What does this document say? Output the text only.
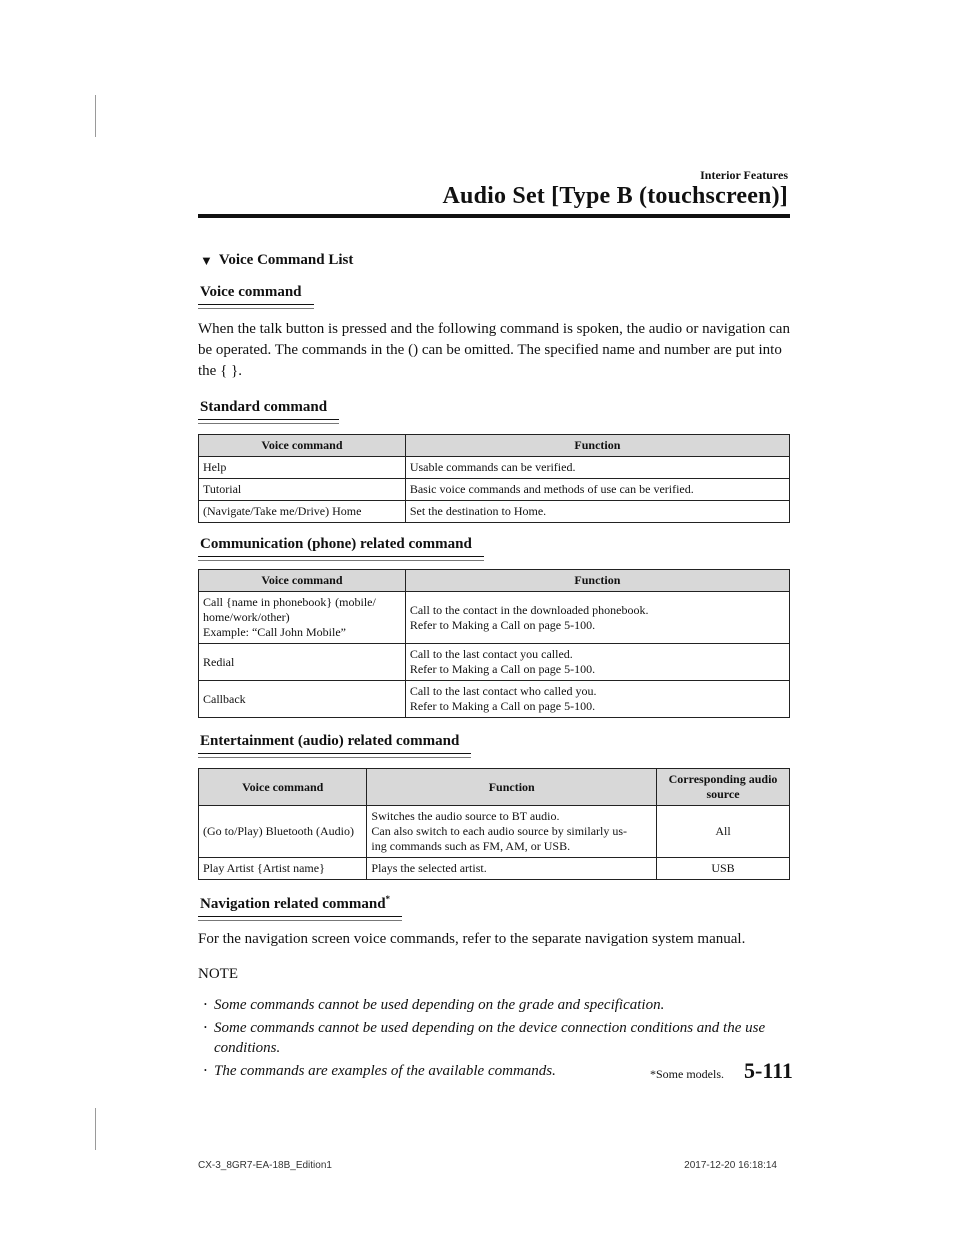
Interior Features
Audio Set [Type B (touchscreen)]
▼ Voice Command List
Voice command

When the talk button is pressed and the following command is spoken, the audio or navigation can be operated. The commands in the () can be omitted. The specified name and number are put into the { }.

Standard command
Voice command	Function
Help	Usable commands can be verified.
Tutorial	Basic voice commands and methods of use can be verified.
(Navigate/Take me/Drive) Home	Set the destination to Home.
Communication (phone) related command
Voice command	Function

Call {name in phonebook} (mobile/
home/work/other)
Example: “Call John Mobile”	Call to the contact in the downloaded phonebook.
Refer to Making a Call on page 5-100.

Redial	Call to the last contact you called.
Refer to Making a Call on page 5-100.

Callback	Call to the last contact who called you.
Refer to Making a Call on page 5-100.
Entertainment (audio) related command
Voice command	Function	Corresponding audio source
(Go to/Play) Bluetooth (Audio)	Switches the audio source to BT audio.
Can also switch to each audio source by similarly us-
ing commands such as FM, AM, or USB.	All
Play Artist {Artist name}	Plays the selected artist.	USB
Navigation related command*

For the navigation screen voice commands, refer to the separate navigation system manual.

NOTE
• Some commands cannot be used depending on the grade and specification.
• Some commands cannot be used depending on the device connection conditions and the use conditions.
• The commands are examples of the available commands.	*Some models. 5-111
CX-3_8GR7-EA-18B_Edition1	2017-12-20 16:18:14
